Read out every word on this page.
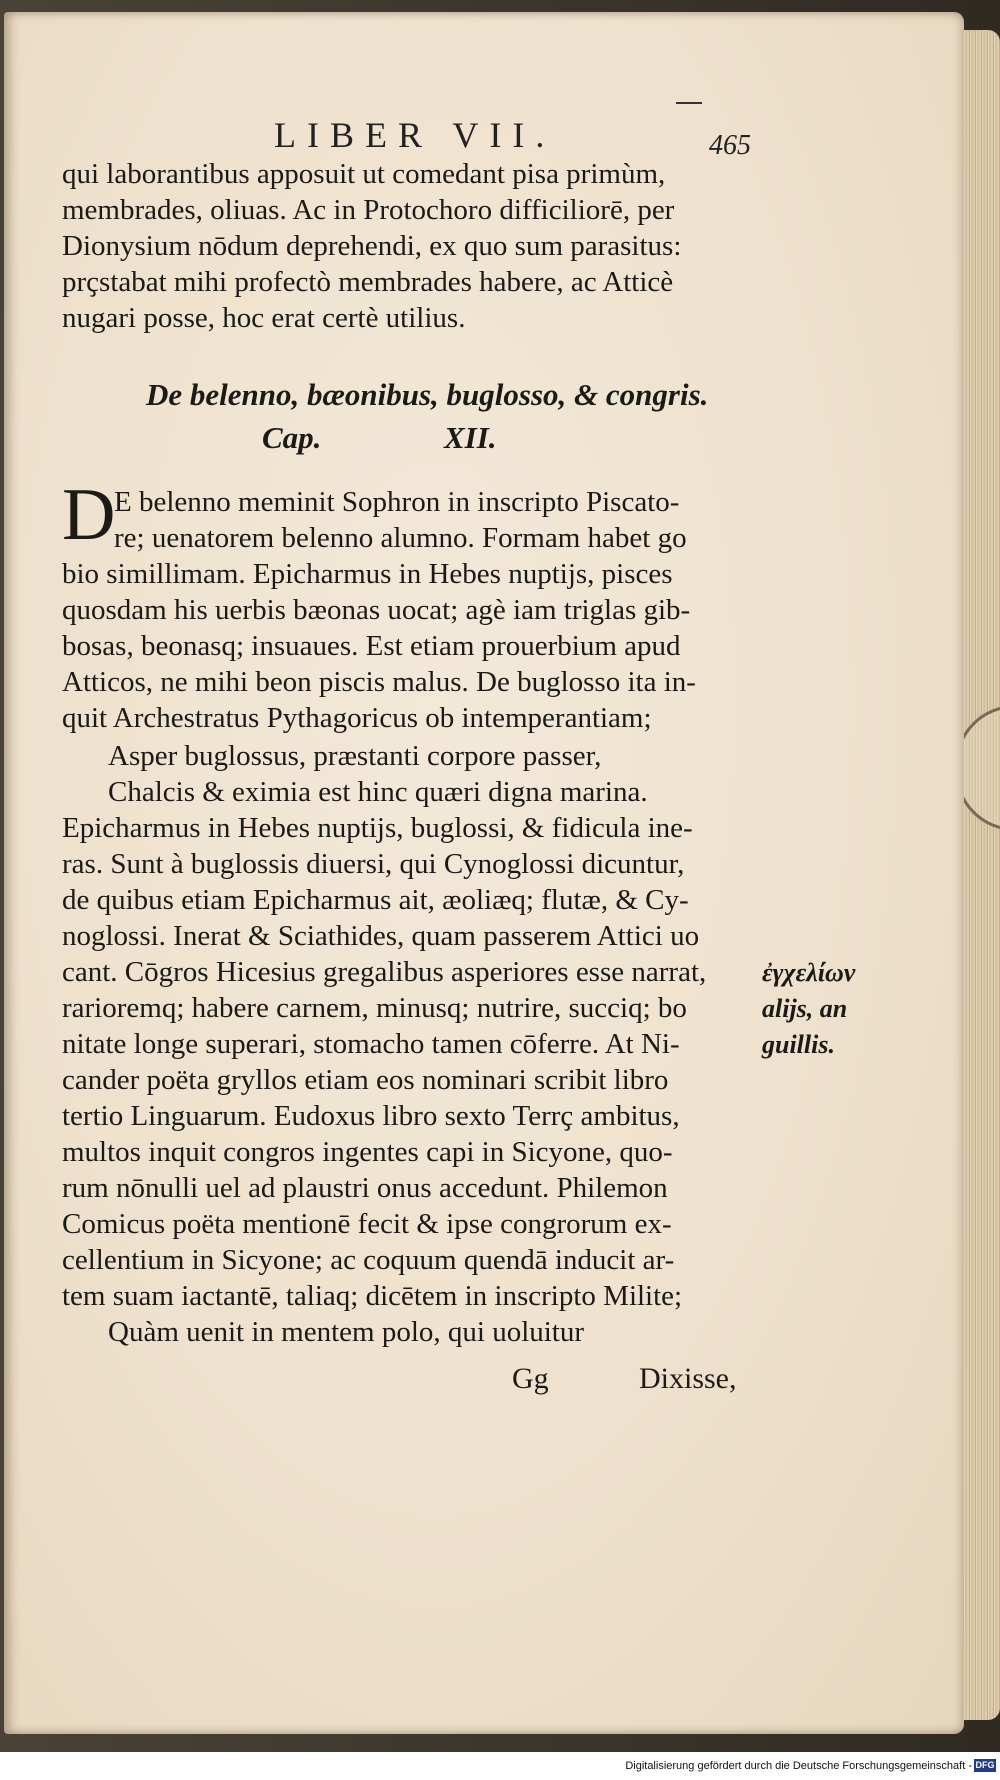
LIBER VII.	465
qui laborantibus apposuit ut comedant pisa primùm,
membrades, oliuas. Ac in Protochoro difficiliorē, per
Dionysium nōdum deprehendi, ex quo sum parasitus:
prҫstabat mihi profectò membrades habere, ac Atticè
nugari posse, hoc erat certè utilius.
De belenno, bæonibus, buglosso, & congris.
Cap.	XII.
D
E belenno meminit Sophron in inscripto Piscato-
re; uenatorem belenno alumno. Formam habet go
bio simillimam. Epicharmus in Hebes nuptijs, pisces
quosdam his uerbis bæonas uocat; agè iam triglas gib-
bosas, beonasq; insuaues. Est etiam prouerbium apud
Atticos, ne mihi beon piscis malus. De buglosso ita in-
quit Archestratus Pythagoricus ob intemperantiam;
Asper buglossus, præstanti corpore passer,
Chalcis & eximia est hinc quæri digna marina.
Epicharmus in Hebes nuptijs, buglossi, & fidicula ine-
ras. Sunt à buglossis diuersi, qui Cynoglossi dicuntur,
de quibus etiam Epicharmus ait, æoliæq; flutæ, & Cy-
noglossi. Inerat & Sciathides, quam passerem Attici uo
cant. Cōgros Hicesius gregalibus asperiores esse narrat,
rarioremq; habere carnem, minusq; nutrire, succiq; bo
nitate longe superari, stomacho tamen cōferre. At Ni-
cander poëta gryllos etiam eos nominari scribit libro
tertio Linguarum. Eudoxus libro sexto Terrҫ ambitus,
multos inquit congros ingentes capi in Sicyone, quo-
rum nōnulli uel ad plaustri onus accedunt. Philemon
Comicus poëta mentionē fecit & ipse congrorum ex-
cellentium in Sicyone; ac coquum quendā inducit ar-
tem suam iactantē, taliaq; dicētem in inscripto Milite;
Quàm uenit in mentem polo, qui uoluitur
ἐγχελίων
alijs, an
guillis.
Gg	Dixisse,
Digitalisierung gefördert durch die Deutsche Forschungsgemeinschaft - DFG
